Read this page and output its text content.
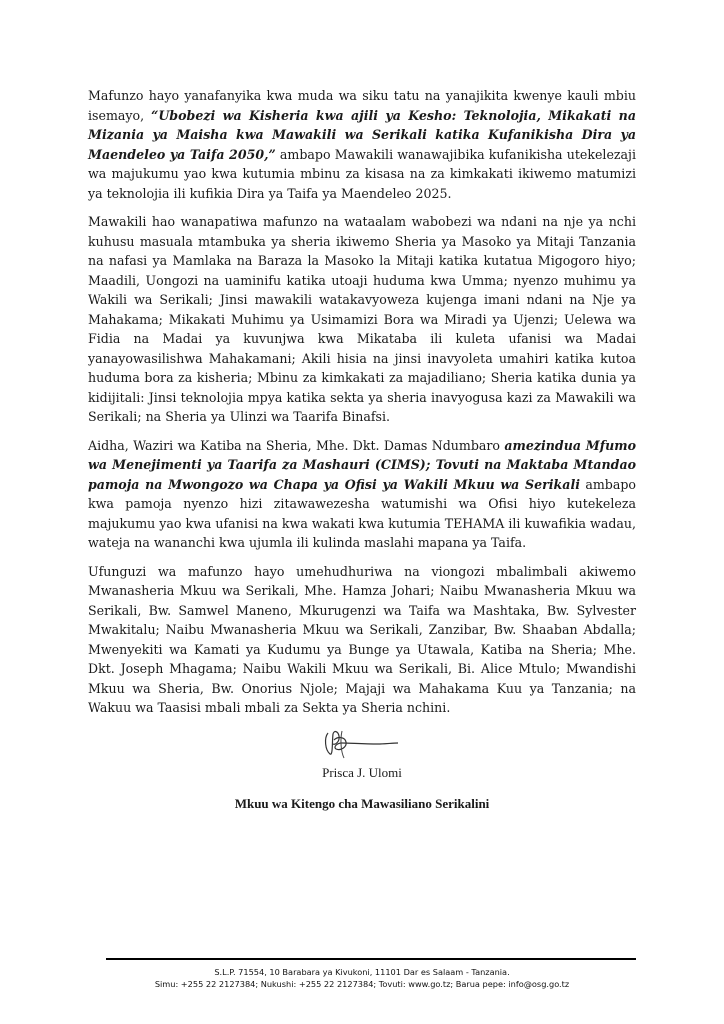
Mafunzo hayo yanafanyika kwa muda wa siku tatu na yanajikita kwenye kauli mbiu isemayo, “Ubobezi wa Kisheria kwa ajili ya Kesho: Teknolojia, Mikakati na Mizania ya Maisha kwa Mawakili wa Serikali katika Kufanikisha Dira ya Maendeleo ya Taifa 2050,” ambapo Mawakili wanawajibika kufanikisha utekelezaji wa majukumu yao kwa kutumia mbinu za kisasa na za kimkakati ikiwemo matumizi ya teknolojia ili kufikia Dira ya Taifa ya Maendeleo 2025.

Mawakili hao wanapatiwa mafunzo na wataalam wabobezi wa ndani na nje ya nchi kuhusu masuala mtambuka ya sheria ikiwemo Sheria ya Masoko ya Mitaji Tanzania na nafasi ya Mamlaka na Baraza la Masoko la Mitaji katika kutatua Migogoro hiyo; Maadili, Uongozi na uaminifu katika utoaji huduma kwa Umma; nyenzo muhimu ya Wakili wa Serikali; Jinsi mawakili watakavyoweza kujenga imani ndani na Nje ya Mahakama; Mikakati Muhimu ya Usimamizi Bora wa Miradi ya Ujenzi; Uelewa wa Fidia na Madai ya kuvunjwa kwa Mikataba ili kuleta ufanisi wa Madai yanayowasilishwa Mahakamani; Akili hisia na jinsi inavyoleta umahiri katika kutoa huduma bora za kisheria; Mbinu za kimkakati za majadiliano; Sheria katika dunia ya kidijitali: Jinsi teknolojia mpya katika sekta ya sheria inavyogusa kazi za Mawakili wa Serikali; na Sheria ya Ulinzi wa Taarifa Binafsi.

Aidha, Waziri wa Katiba na Sheria, Mhe. Dkt. Damas Ndumbaro amezindua Mfumo wa Menejimenti ya Taarifa za Mashauri (CIMS); Tovuti na Maktaba Mtandao pamoja na Mwongozo wa Chapa ya Ofisi ya Wakili Mkuu wa Serikali ambapo kwa pamoja nyenzo hizi zitawawezesha watumishi wa Ofisi hiyo kutekeleza majukumu yao kwa ufanisi na kwa wakati kwa kutumia TEHAMA ili kuwafikia wadau, wateja na wananchi kwa ujumla ili kulinda maslahi mapana ya Taifa.

Ufunguzi wa mafunzo hayo umehudhuriwa na viongozi mbalimbali akiwemo Mwanasheria Mkuu wa Serikali, Mhe. Hamza Johari; Naibu Mwanasheria Mkuu wa Serikali, Bw. Samwel Maneno, Mkurugenzi wa Taifa wa Mashtaka, Bw. Sylvester Mwakitalu; Naibu Mwanasheria Mkuu wa Serikali, Zanzibar, Bw. Shaaban Abdalla; Mwenyekiti wa Kamati ya Kudumu ya Bunge ya Utawala, Katiba na Sheria; Mhe. Dkt. Joseph Mhagama; Naibu Wakili Mkuu wa Serikali, Bi. Alice Mtulo; Mwandishi Mkuu wa Sheria, Bw. Onorius Njole; Majaji wa Mahakama Kuu ya Tanzania; na Wakuu wa Taasisi mbali mbali za Sekta ya Sheria nchini.

Prisca J. Ulomi
Mkuu wa Kitengo cha Mawasiliano Serikalini
S.L.P. 71554, 10 Barabara ya Kivukoni, 11101 Dar es Salaam - Tanzania.
Simu: +255 22 2127384; Nukushi: +255 22 2127384; Tovuti: www.go.tz; Barua pepe: info@osg.go.tz
